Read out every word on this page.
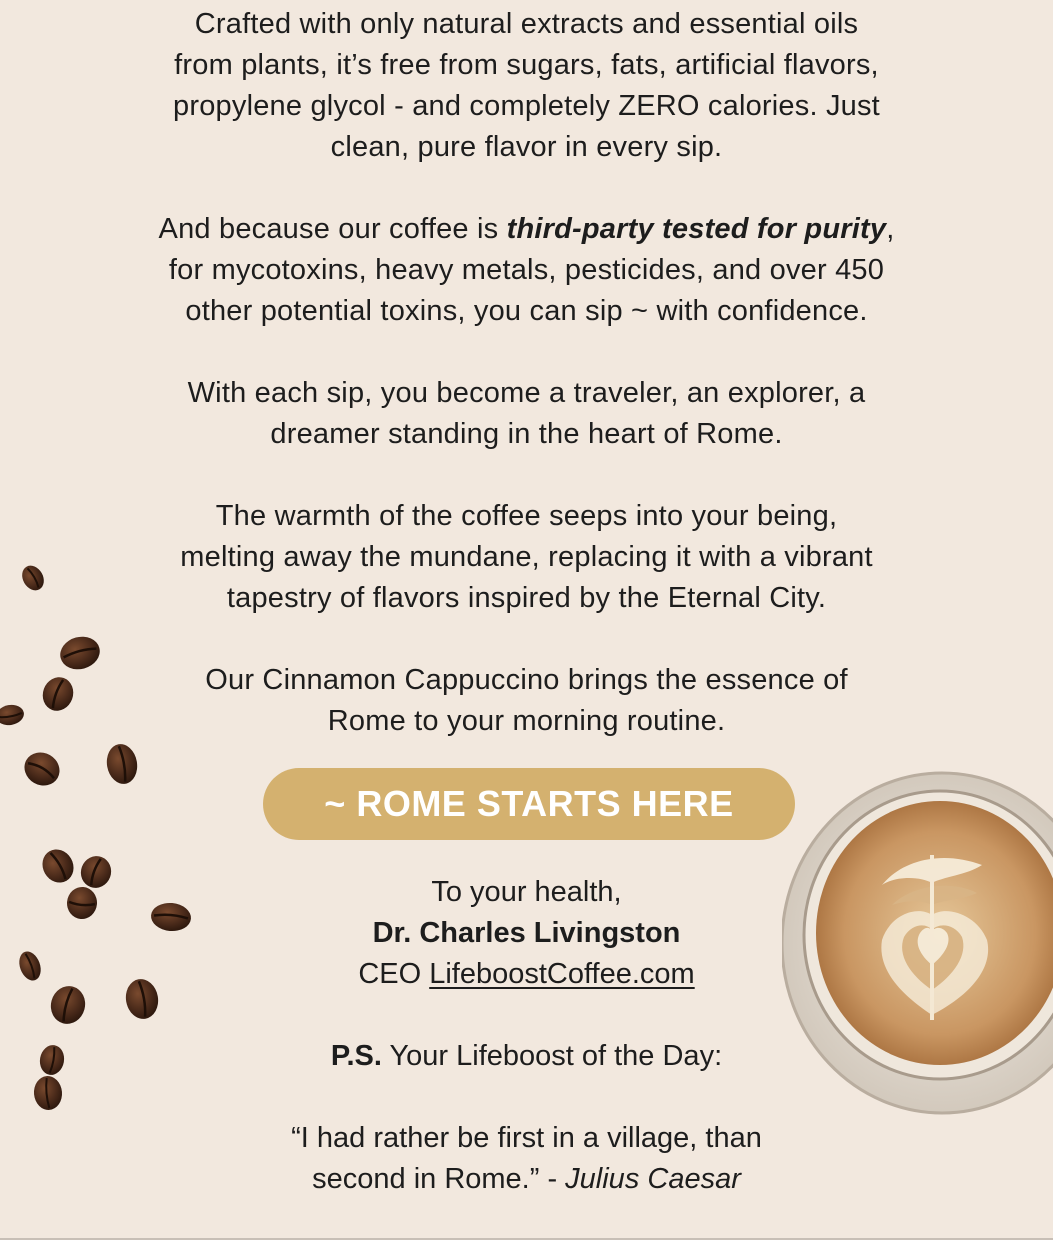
Crafted with only natural extracts and essential oils
from plants, it’s free from sugars, fats, artificial flavors,
propylene glycol - and completely ZERO calories. Just
clean, pure flavor in every sip.

And because our coffee is third-party tested for purity,
for mycotoxins, heavy metals, pesticides, and over 450
other potential toxins, you can sip ~ with confidence.

With each sip, you become a traveler, an explorer, a
dreamer standing in the heart of Rome.

The warmth of the coffee seeps into your being,
melting away the mundane, replacing it with a vibrant
tapestry of flavors inspired by the Eternal City.

Our Cinnamon Cappuccino brings the essence of
Rome to your morning routine.

~ ROME STARTS HERE
To your health,
Dr. Charles Livingston
CEO LifeboostCoffee.com
P.S. Your Lifeboost of the Day:
“I had rather be first in a village, than
second in Rome.” - Julius Caesar
